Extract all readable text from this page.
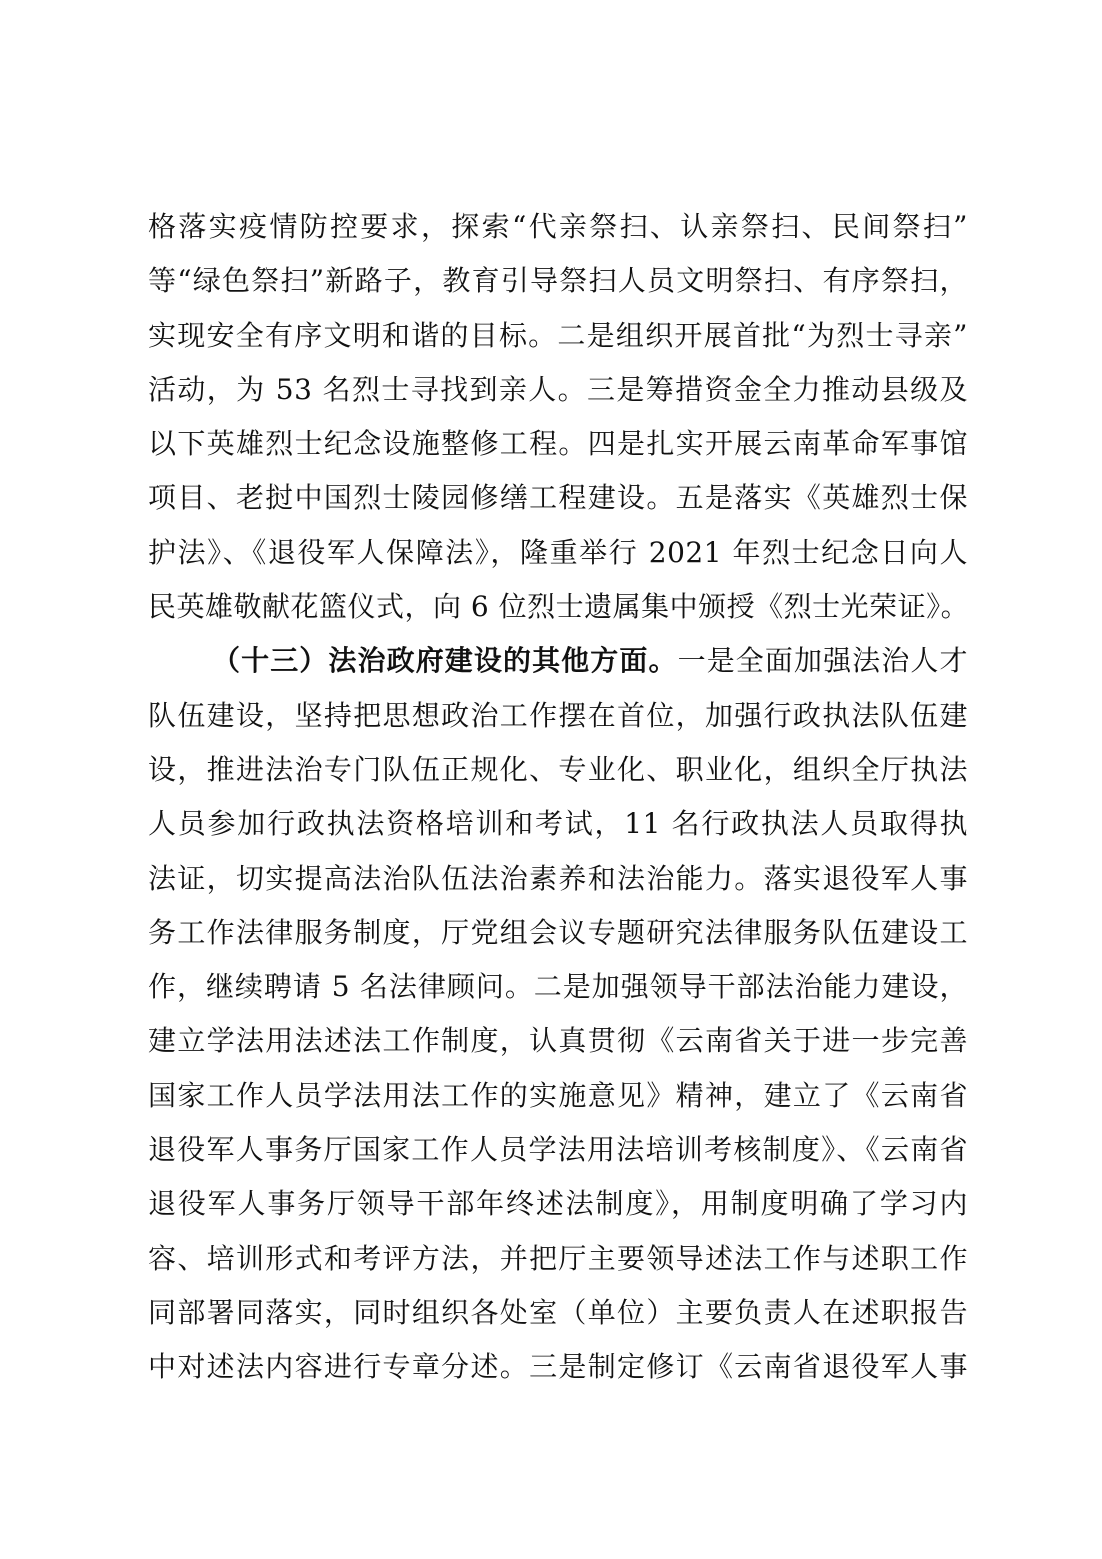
格落实疫情防控要求，探索“代亲祭扫、认亲祭扫、民间祭扫”
等“绿色祭扫”新路子，教育引导祭扫人员文明祭扫、有序祭扫，
实现安全有序文明和谐的目标。二是组织开展首批“为烈士寻亲”
活动，为 53 名烈士寻找到亲人。三是筹措资金全力推动县级及
以下英雄烈士纪念设施整修工程。四是扎实开展云南革命军事馆
项目、老挝中国烈士陵园修缮工程建设。五是落实《英雄烈士保
护法》、《退役军人保障法》，隆重举行 2021 年烈士纪念日向人
民英雄敬献花篮仪式，向 6 位烈士遗属集中颁授《烈士光荣证》。
（十三）法治政府建设的其他方面。一是全面加强法治人才
队伍建设，坚持把思想政治工作摆在首位，加强行政执法队伍建
设，推进法治专门队伍正规化、专业化、职业化，组织全厅执法
人员参加行政执法资格培训和考试，11 名行政执法人员取得执
法证，切实提高法治队伍法治素养和法治能力。落实退役军人事
务工作法律服务制度，厅党组会议专题研究法律服务队伍建设工
作，继续聘请 5 名法律顾问。二是加强领导干部法治能力建设，
建立学法用法述法工作制度，认真贯彻《云南省关于进一步完善
国家工作人员学法用法工作的实施意见》精神，建立了《云南省
退役军人事务厅国家工作人员学法用法培训考核制度》、《云南省
退役军人事务厅领导干部年终述法制度》，用制度明确了学习内
容、培训形式和考评方法，并把厅主要领导述法工作与述职工作
同部署同落实，同时组织各处室（单位）主要负责人在述职报告
中对述法内容进行专章分述。三是制定修订《云南省退役军人事
